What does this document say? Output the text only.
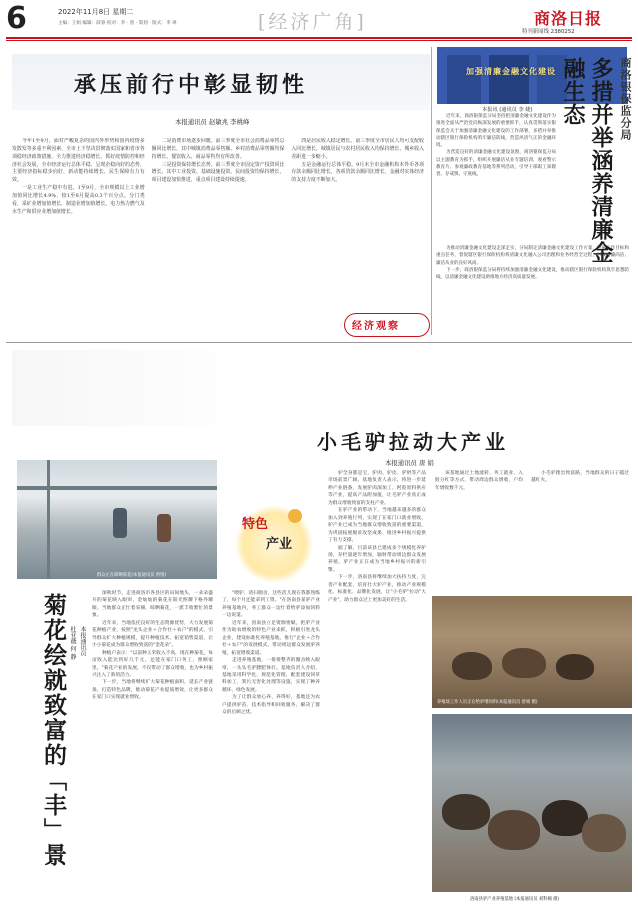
6	2022年11月8日 星期二
主编：王娟 编辑：薛睿 校对：李 · 唐 · 策划 · 版式：李 翠	[经济广角]	商洛日报
特刊新闻线 2380252
承压前行中彰显韧性
本报通讯员 赵敏兆 李桃峰

今年1至9月，面对严峻复杂的国内外形势和国内疫情多发散发等多重不利因素，全市上下坚决贯彻落实国家和省市各项稳经济政策措施，全力推进经济稳增长，抓好疫情防控和经济社会发展，全市经济运行总体平稳、呈现企稳向好的态势，主要经济指标稳步向好，新动能持续增长，民生保障有力有效。

一是工业生产稳中有进。1至9月，全市规模以上工业增加值同比增长4.9%，较1至8月提高0.3个百分点。分门类看，采矿业增加值增长，制造业增加值增长，电力热力燃气及水生产和供应业增加值增长。

二是消费市场逐步回暖。前三季度全市社会消费品零售总额同比增长，其中城镇消费品零售额、乡村消费品零售额均保持增长，餐饮收入、商品零售均有所改善。

三是投资保持增长态势。前三季度全市固定资产投资同比增长，其中工业投资、基础设施投资、民间投资均保持增长，项目建设加快推进，重点项目建设持续提速。

四是居民收入稳定增长。前三季度全市居民人均可支配收入同比增长，城镇居民与农村居民收入均保持增长，城乡收入差距进一步缩小。

五是金融运行总体平稳。9月末全市金融机构本外币各项存款余额同比增长，各项贷款余额同比增长，金融对实体经济的支持力度不断加大。

经济观察
加强清廉金融文化建设	商洛银保监分局
多措并举涵养清廉金融生态
本报讯 (通讯员 李 婕)

近年来，商洛银保监分局坚持把清廉金融文化建设作为推进全面从严治党向纵深发展的重要抓手，认真贯彻落实银保监会关于加强清廉金融文化建设的工作部署，多措并举推动辖区银行保险机构筑牢廉洁防线，营造风清气正的金融环境。

为营造良好的清廉金融文化建设氛围，商洛银保监分局以主题教育为抓手，组织开展廉洁从业专题培训、观看警示教育片、参观廉政教育基地等系列活动，引导干部职工知敬畏、存戒惧、守底线。

为推动清廉金融文化建设走深走实，分局制定清廉金融文化建设工作方案，明确工作目标和重点任务，督促辖区银行保险机构将清廉文化融入公司治理和业务经营全过程，形成崇廉尚洁、廉洁从业的良好风尚。

下一步，商洛银保监分局将持续加强清廉金融文化建设，推动辖区银行保险机构筑牢思想防线，以清廉金融文化建设助推地方经济高质量发展。

小毛驴拉动大产业
本报通讯员 唐 娟
群众正在晾晒菊花(本报通讯员 供图)
菊花绘就致富的「丰」景 本报通讯员
杜亚薇 何 静

深秋时节，走进商洛市各县区的田间地头，一朵朵盛开的菊花映入眼帘，金灿灿的菊花在阳光照耀下格外耀眼。当地群众正忙着采摘、晾晒菊花，一派丰收繁忙的景象。

近年来，当地依托良好的生态资源优势，大力发展菊花种植产业，按照"龙头企业＋合作社＋农户"的模式，引导群众扩大种植规模，提升种植技术，拓宽销售渠道，让小小菊花成为群众增收致富的"金花朵"。

种植户表示："以前种玉米收入不高，现在种菊花，每亩收入能达到好几千元，还能在家门口务工，照顾家里。"菊花产业的发展，不仅带动了群众增收，也为乡村振兴注入了新的活力。

下一步，当地将继续扩大菊花种植面积，延长产业链条，打造特色品牌，推动菊花产业提质增效，让更多群众在家门口实现就业增收。

特色
产业

"喂驴、清扫圈舍，这些活儿现在我都熟练了，每个月还能拿到工资。"在洛南县某驴产业养殖基地内，务工群众一边忙着给驴添加饲料一边说道。

近年来，洛南县立足资源禀赋，把驴产业作为助农增收的特色产业来抓，积极引进龙头企业，建设标准化养殖基地，推行"企业＋合作社＋农户"的发展模式，带动周边群众发展驴养殖，拓宽增收渠道。

走进养殖基地，一排排整齐的圈舍映入眼帘，一头头毛驴膘肥体壮。基地负责人介绍，基地采用科学化、规范化管理，配套建设饲草料加工、粪污无害化处理等设施，实现了种养循环、绿色发展。

为了让群众放心养、养得好，基地还为农户提供驴苗、技术指导和回收服务，解决了群众的后顾之忧。

驴全身都是宝，驴肉、驴皮、驴奶等产品市场前景广阔。基地负责人表示，将进一步延伸产业链条，发展驴肉深加工、阿胶原料供应等产业，提高产品附加值，让毛驴产业真正成为群众增收致富的支柱产业。

在驴产业的带动下，当地越来越多的群众加入到养殖行列，实现了在家门口就业增收。驴产业已成为当地群众增收致富的重要渠道，为巩固拓展脱贫攻坚成果、推进乡村振兴提供了有力支撑。

据了解，目前该县已建成多个规模化养驴场，存栏量逐年增加，辐射带动周边群众发展养殖，驴产业正在成为当地乡村振兴的新引擎。

下一步，洛南县将继续加大扶持力度，完善产业配套，培育壮大驴产业，推动产业规模化、标准化、品牌化发展，让"小毛驴"拉动"大产业"，助力群众过上更加美好的生活。

该基地通过土地流转、务工就业、入股分红等方式，带动周边群众增收，户均年增收数千元。

小毛驴蹚出致富路，当地群众的日子越过越红火。

养殖场工作人员正在给驴喂饲料(本报通讯员 唐娟 摄)
洛南县驴产业养殖基地 (本报通讯员 刘科楠 摄)
